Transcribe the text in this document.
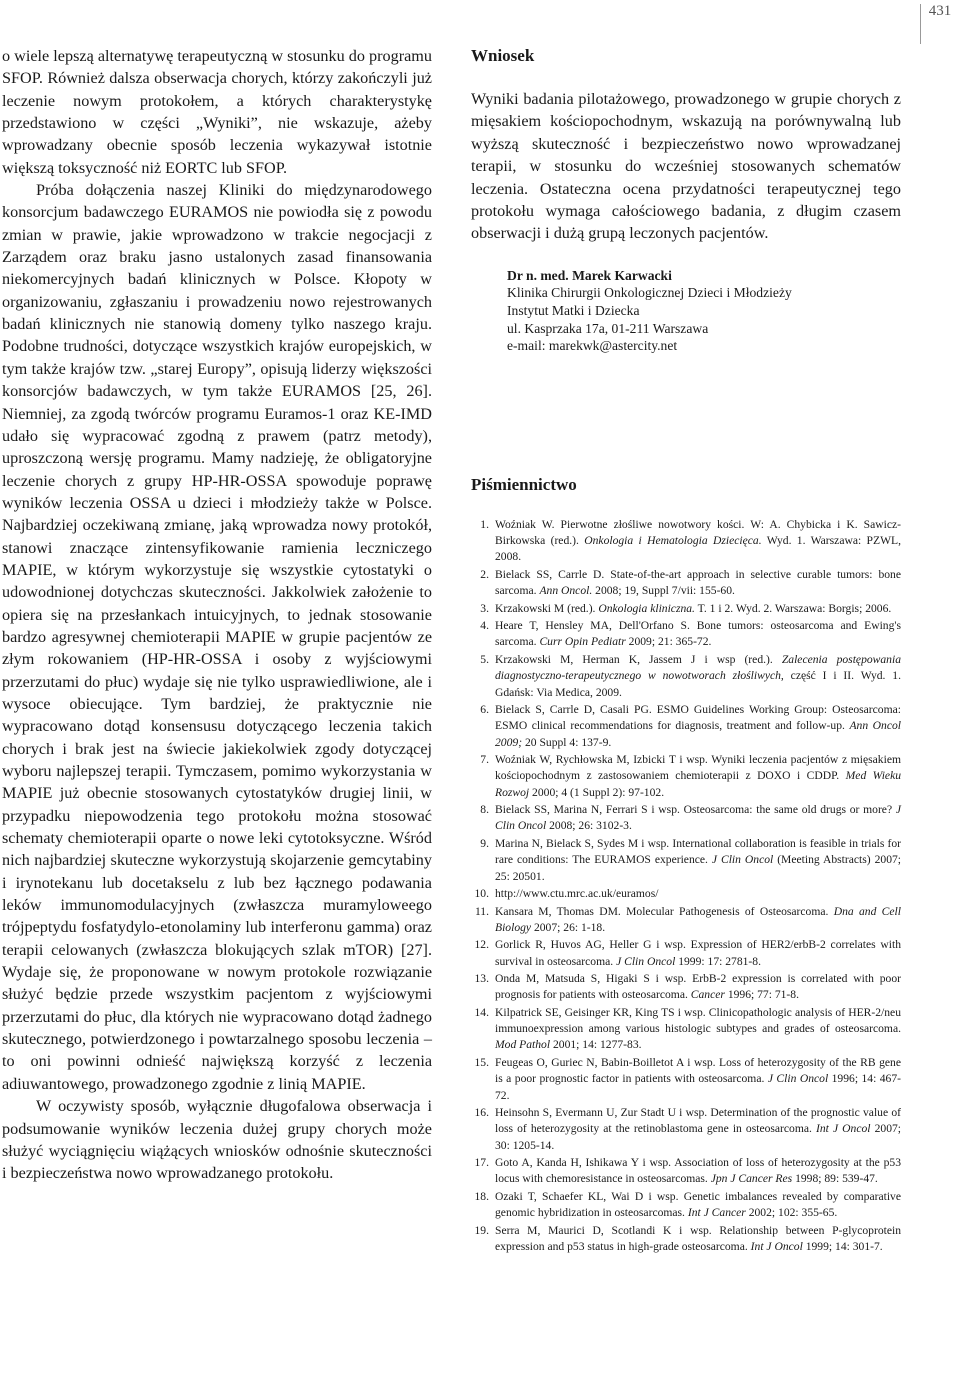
431

o wiele lepszą alternatywę terapeutyczną w stosunku do programu SFOP. Również dalsza obserwacja chorych, którzy zakończyli już leczenie nowym protokołem, a których charakterystykę przedstawiono w części „Wyniki”, nie wskazuje, ażeby wprowadzany obecnie sposób leczenia wykazywał istotnie większą toksyczność niż EORTC lub SFOP.

Próba dołączenia naszej Kliniki do międzynarodowego konsorcjum badawczego EURAMOS nie powiodła się z powodu zmian w prawie, jakie wprowadzono w trakcie negocjacji z Zarządem oraz braku jasno ustalonych zasad finansowania niekomercyjnych badań klinicznych w Polsce. Kłopoty w organizowaniu, zgłaszaniu i prowadzeniu nowo rejestrowanych badań klinicznych nie stanowią domeny tylko naszego kraju. Podobne trudności, dotyczące wszystkich krajów europejskich, w tym także krajów tzw. „starej Europy”, opisują liderzy większości konsorcjów badawczych, w tym także EURAMOS [25, 26]. Niemniej, za zgodą twórców programu Euramos-1 oraz KE-IMD udało się wypracować zgodną z prawem (patrz metody), uproszczoną wersję programu. Mamy nadzieję, że obligatoryjne leczenie chorych z grupy HP-HR-OSSA spowoduje poprawę wyników leczenia OSSA u dzieci i młodzieży także w Polsce. Najbardziej oczekiwaną zmianę, jaką wprowadza nowy protokół, stanowi znaczące zintensyfikowanie ramienia leczniczego MAPIE, w którym wykorzystuje się wszystkie cytostatyki o udowodnionej dotychczas skuteczności. Jakkolwiek założenie to opiera się na przesłankach intuicyjnych, to jednak stosowanie bardzo agresywnej chemioterapii MAPIE w grupie pacjentów ze złym rokowaniem (HP-HR-OSSA i osoby z wyjściowymi przerzutami do płuc) wydaje się nie tylko usprawiedliwione, ale i wysoce obiecujące. Tym bardziej, że praktycznie nie wypracowano dotąd konsensusu dotyczącego leczenia takich chorych i brak jest na świecie jakiekolwiek zgody dotyczącej wyboru najlepszej terapii. Tymczasem, pomimo wykorzystania w MAPIE już obecnie stosowanych cytostatyków drugiej linii, w przypadku niepowodzenia tego protokołu można stosować schematy chemioterapii oparte o nowe leki cytotoksyczne. Wśród nich najbardziej skuteczne wykorzystują skojarzenie gemcytabiny i irynotekanu lub docetakselu z lub bez łącznego podawania leków immunomodulacyjnych (zwłaszcza muramyloweego trójpeptydu fosfatydylo-etonolaminy lub interferonu gamma) oraz terapii celowanych (zwłaszcza blokujących szlak mTOR) [27]. Wydaje się, że proponowane w nowym protokole rozwiązanie służyć będzie przede wszystkim pacjentom z wyjściowymi przerzutami do płuc, dla których nie wypracowano dotąd żadnego skutecznego, potwierdzonego i powtarzalnego sposobu leczenia – to oni powinni odnieść największą korzyść z leczenia adiuwantowego, prowadzonego zgodnie z linią MAPIE.

W oczywisty sposób, wyłącznie długofalowa obserwacja i podsumowanie wyników leczenia dużej grupy chorych może służyć wyciągnięciu wiążących wniosków odnośnie skuteczności i bezpieczeństwa nowo wprowadzanego protokołu.

Wniosek

Wyniki badania pilotażowego, prowadzonego w grupie chorych z mięsakiem kościopochodnym, wskazują na porównywalną lub wyższą skuteczność i bezpieczeństwo nowo wprowadzanej terapii, w stosunku do wcześniej stosowanych schematów leczenia. Ostateczna ocena przydatności terapeutycznej tego protokołu wymaga całościowego badania, z długim czasem obserwacji i dużą grupą leczonych pacjentów.

Dr n. med. Marek Karwacki
Klinika Chirurgii Onkologicznej Dzieci i Młodzieży
Instytut Matki i Dziecka
ul. Kasprzaka 17a, 01-211 Warszawa
e-mail: marekwk@astercity.net
Piśmiennictwo
1. Woźniak W. Pierwotne złośliwe nowotwory kości. W: A. Chybicka i K. Sawicz-Birkowska (red.). Onkologia i Hematologia Dziecięca. Wyd. 1. Warszawa: PZWL, 2008.
2. Bielack SS, Carrle D. State-of-the-art approach in selective curable tumors: bone sarcoma. Ann Oncol. 2008; 19, Suppl 7/vii: 155-60.
3. Krzakowski M (red.). Onkologia kliniczna. T. 1 i 2. Wyd. 2. Warszawa: Borgis; 2006.
4. Heare T, Hensley MA, Dell'Orfano S. Bone tumors: osteosarcoma and Ewing's sarcoma. Curr Opin Pediatr 2009; 21: 365-72.
5. Krzakowski M, Herman K, Jassem J i wsp (red.). Zalecenia postępowania diagnostyczno-terapeutycznego w nowotworach złośliwych, część I i II. Wyd. 1. Gdańsk: Via Medica, 2009.
6. Bielack S, Carrle D, Casali PG. ESMO Guidelines Working Group: Osteosarcoma: ESMO clinical recommendations for diagnosis, treatment and follow-up. Ann Oncol 2009; 20 Suppl 4: 137-9.
7. Woźniak W, Rychłowska M, Izbicki T i wsp. Wyniki leczenia pacjentów z mięsakiem kościopochodnym z zastosowaniem chemioterapii z DOXO i CDDP. Med Wieku Rozwoj 2000; 4 (1 Suppl 2): 97-102.
8. Bielack SS, Marina N, Ferrari S i wsp. Osteosarcoma: the same old drugs or more? J Clin Oncol 2008; 26: 3102-3.
9. Marina N, Bielack S, Sydes M i wsp. International collaboration is feasible in trials for rare conditions: The EURAMOS experience. J Clin Oncol (Meeting Abstracts) 2007; 25: 20501.
10. http://www.ctu.mrc.ac.uk/euramos/
11. Kansara M, Thomas DM. Molecular Pathogenesis of Osteosarcoma. Dna and Cell Biology 2007; 26: 1-18.
12. Gorlick R, Huvos AG, Heller G i wsp. Expression of HER2/erbB-2 correlates with survival in osteosarcoma. J Clin Oncol 1999: 17: 2781-8.
13. Onda M, Matsuda S, Higaki S i wsp. ErbB-2 expression is correlated with poor prognosis for patients with osteosarcoma. Cancer 1996; 77: 71-8.
14. Kilpatrick SE, Geisinger KR, King TS i wsp. Clinicopathologic analysis of HER-2/neu immunoexpression among various histologic subtypes and grades of osteosarcoma. Mod Pathol 2001; 14: 1277-83.
15. Feugeas O, Guriec N, Babin-Boilletot A i wsp. Loss of heterozygosity of the RB gene is a poor prognostic factor in patients with osteosarcoma. J Clin Oncol 1996; 14: 467-72.
16. Heinsohn S, Evermann U, Zur Stadt U i wsp. Determination of the prognostic value of loss of heterozygosity at the retinoblastoma gene in osteosarcoma. Int J Oncol 2007; 30: 1205-14.
17. Goto A, Kanda H, Ishikawa Y i wsp. Association of loss of heterozygosity at the p53 locus with chemoresistance in osteosarcomas. Jpn J Cancer Res 1998; 89: 539-47.
18. Ozaki T, Schaefer KL, Wai D i wsp. Genetic imbalances revealed by comparative genomic hybridization in osteosarcomas. Int J Cancer 2002; 102: 355-65.
19. Serra M, Maurici D, Scotlandi K i wsp. Relationship between P-glycoprotein expression and p53 status in high-grade osteosarcoma. Int J Oncol 1999; 14: 301-7.
